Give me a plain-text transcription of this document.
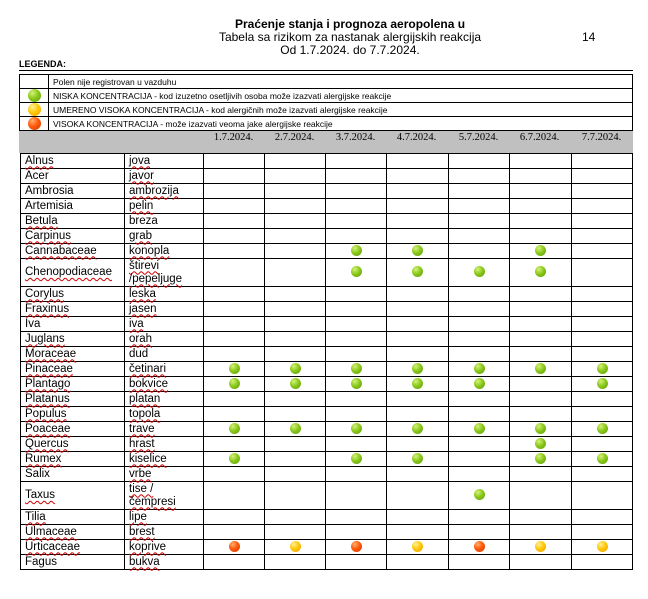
Praćenje stanja i prognoza aeropolena u
Tabela sa rizikom za nastanak alergijskih reakcija
Od 1.7.2024. do 7.7.2024.
14
LEGENDA:
	Polen nije registrovan u vazduhu
	NISKA KONCENTRACIJA - kod izuzetno osetljivih osoba može izazvati alergijske reakcije
	UMERENO VISOKA KONCENTRACIJA - kod alergičnih može izazvati alergijske reakcije
	VISOKA KONCENTRACIJA - može izazvati veoma jake alergijske reakcije
1.7.2024.	2.7.2024.	3.7.2024.	4.7.2024.	5.7.2024.	6.7.2024.	7.7.2024.
Alnus	jova							
Acer	javor							
Ambrosia	ambrozija							
Artemisia	pelin							
Betula	breza							
Carpinus	grab							
Cannabaceae	konopla							
Chenopodiaceae	štirevi /pepeljuge							
Corylus	leska							
Fraxinus	jasen							
Iva	iva							
Juglans	orah							
Moraceae	dud							
Pinaceae	četinari							
Plantago	bokvice							
Platanus	platan							
Populus	topola							
Poaceae	trave							
Quercus	hrast							
Rumex	kiselice							
Salix	vrbe							
Taxus	tise / čempresi							
Tilia	lipe							
Ulmaceae	brest							
Urticaceae	koprive							
Fagus	bukva							
